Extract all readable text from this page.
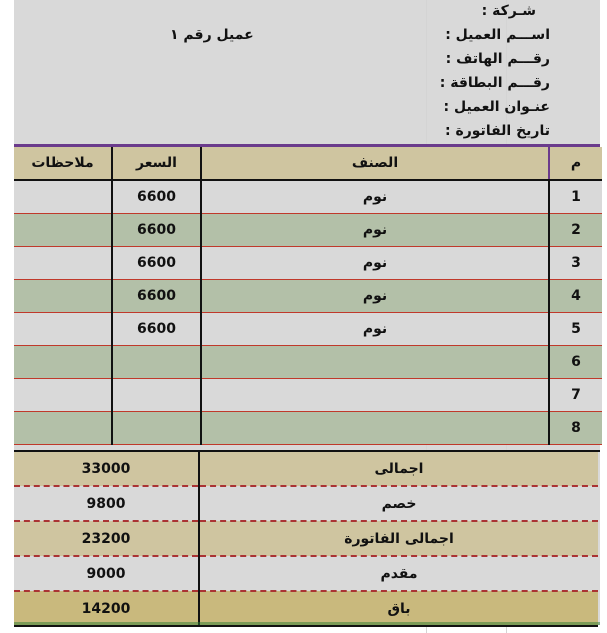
شـركة :
اســـم العميل :
رقـــم الهاتف :
رقـــم البطاقة :
عنـوان العميل :
تاريخ الفاتورة :
عميل رقم ١
ملاحظات	السعر	الصنف	م
	6600	نوم	1
	6600	نوم	2
	6600	نوم	3
	6600	نوم	4
	6600	نوم	5
			6
			7
			8
33000	اجمالى
9800	خصم
23200	اجمالى الفاتورة
9000	مقدم
14200	باق
